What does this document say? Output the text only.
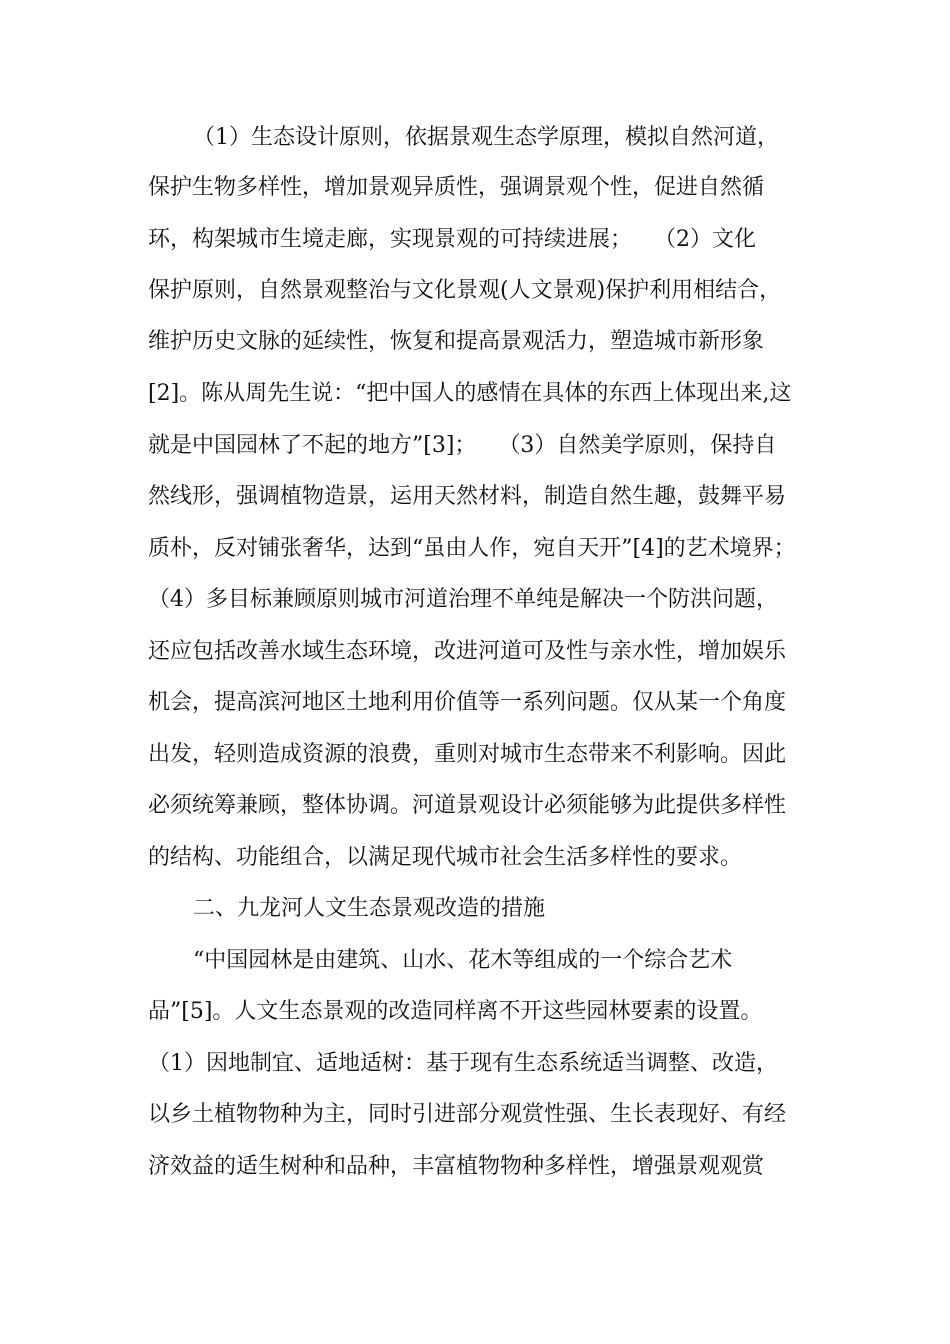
（1）生态设计原则，依据景观生态学原理，模拟自然河道，
保护生物多样性，增加景观异质性，强调景观个性，促进自然循
环，构架城市生境走廊，实现景观的可持续进展；　　（2）文化
保护原则，自然景观整治与文化景观(人文景观)保护利用相结合，
维护历史文脉的延续性，恢复和提高景观活力，塑造城市新形象
[2]。陈从周先生说：“把中国人的感情在具体的东西上体现出来,这
就是中国园林了不起的地方”[3]；　　（3）自然美学原则，保持自
然线形，强调植物造景，运用天然材料，制造自然生趣，鼓舞平易
质朴，反对铺张奢华，达到“虽由人作，宛自天开”[4]的艺术境界；
（4）多目标兼顾原则城市河道治理不单纯是解决一个防洪问题，
还应包括改善水域生态环境，改进河道可及性与亲水性，增加娱乐
机会，提高滨河地区土地利用价值等一系列问题。仅从某一个角度
出发，轻则造成资源的浪费，重则对城市生态带来不利影响。因此
必须统筹兼顾，整体协调。河道景观设计必须能够为此提供多样性
的结构、功能组合，以满足现代城市社会生活多样性的要求。
二、九龙河人文生态景观改造的措施
“中国园林是由建筑、山水、花木等组成的一个综合艺术
品”[5]。人文生态景观的改造同样离不开这些园林要素的设置。
（1）因地制宜、适地适树：基于现有生态系统适当调整、改造，
以乡土植物物种为主，同时引进部分观赏性强、生长表现好、有经
济效益的适生树种和品种，丰富植物物种多样性，增强景观观赏
